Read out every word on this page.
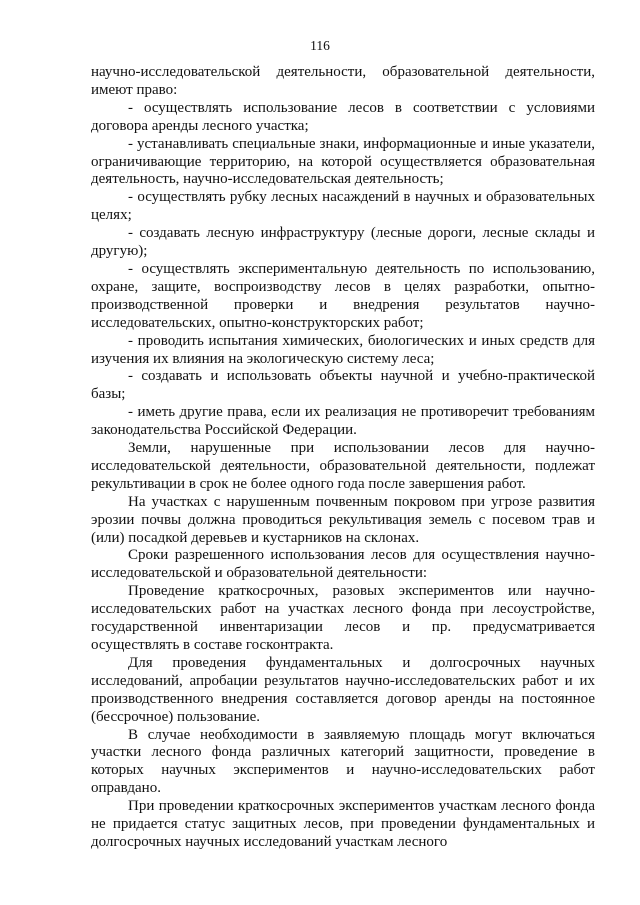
116

научно-исследовательской деятельности, образовательной деятельности, имеют право:

- осуществлять использование лесов в соответствии с условиями договора аренды лесного участка;

- устанавливать специальные знаки, информационные и иные указатели, ограничивающие территорию, на которой осуществляется образовательная деятельность, научно-исследовательская деятельность;

- осуществлять рубку лесных насаждений в научных и образовательных целях;

- создавать лесную инфраструктуру (лесные дороги, лесные склады и другую);

- осуществлять экспериментальную деятельность по использованию, охране, защите, воспроизводству лесов в целях разработки, опытно-производственной проверки и внедрения результатов научно-исследовательских, опытно-конструкторских работ;

- проводить испытания химических, биологических и иных средств для изучения их влияния на экологическую систему леса;

- создавать и использовать объекты научной и учебно-практической базы;

- иметь другие права, если их реализация не противоречит требованиям законодательства Российской Федерации.

Земли, нарушенные при использовании лесов для научно-исследовательской деятельности, образовательной деятельности, подлежат рекультивации в срок не более одного года после завершения работ.

На участках с нарушенным почвенным покровом при угрозе развития эрозии почвы должна проводиться рекультивация земель с посевом трав и (или) посадкой деревьев и кустарников на склонах.

Сроки разрешенного использования лесов для осуществления научно-исследовательской и образовательной деятельности:

Проведение краткосрочных, разовых экспериментов или научно-исследовательских работ на участках лесного фонда при лесоустройстве, государственной инвентаризации лесов и пр. предусматривается осуществлять в составе госконтракта.

Для проведения фундаментальных и долгосрочных научных исследований, апробации результатов научно-исследовательских работ и их производственного внедрения составляется договор аренды на постоянное (бессрочное) пользование.

В случае необходимости в заявляемую площадь могут включаться участки лесного фонда различных категорий защитности, проведение в которых научных экспериментов и научно-исследовательских работ оправдано.

При проведении краткосрочных экспериментов участкам лесного фонда не придается статус защитных лесов, при проведении фундаментальных и долгосрочных научных исследований участкам лесного
